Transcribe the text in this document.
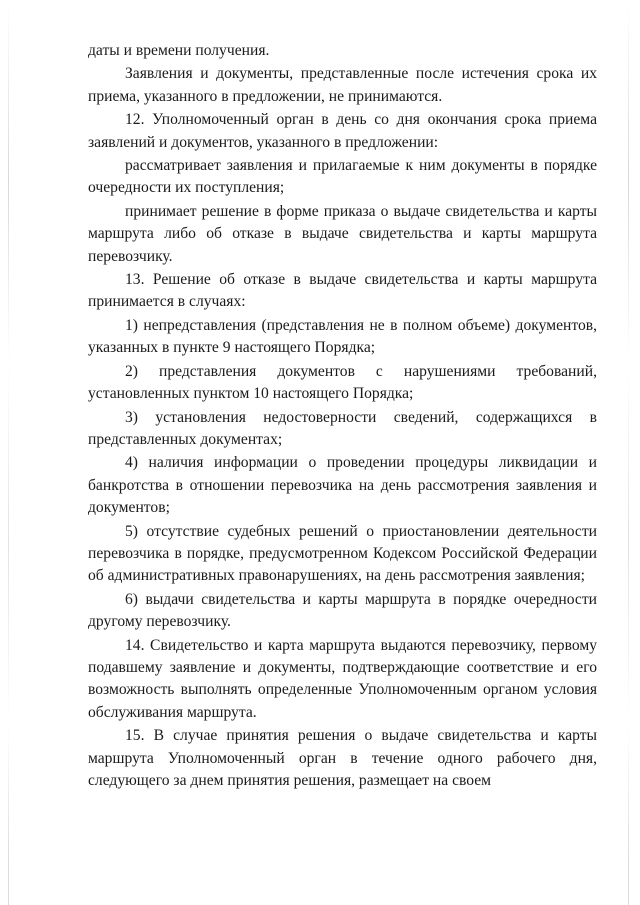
даты и времени получения.

Заявления и документы, представленные после истечения срока их приема, указанного в предложении, не принимаются.

12. Уполномоченный орган в день со дня окончания срока приема заявлений и документов, указанного в предложении:

рассматривает заявления и прилагаемые к ним документы в порядке очередности их поступления;

принимает решение в форме приказа о выдаче свидетельства и карты маршрута либо об отказе в выдаче свидетельства и карты маршрута перевозчику.

13. Решение об отказе в выдаче свидетельства и карты маршрута принимается в случаях:

1) непредставления (представления не в полном объеме) документов, указанных в пункте 9 настоящего Порядка;

2) представления документов с нарушениями требований, установленных пунктом 10 настоящего Порядка;

3) установления недостоверности сведений, содержащихся в представленных документах;

4) наличия информации о проведении процедуры ликвидации и банкротства в отношении перевозчика на день рассмотрения заявления и документов;

5) отсутствие судебных решений о приостановлении деятельности перевозчика в порядке, предусмотренном Кодексом Российской Федерации об административных правонарушениях, на день рассмотрения заявления;

6) выдачи свидетельства и карты маршрута в порядке очередности другому перевозчику.

14. Свидетельство и карта маршрута выдаются перевозчику, первому подавшему заявление и документы, подтверждающие соответствие и его возможность выполнять определенные Уполномоченным органом условия обслуживания маршрута.

15. В случае принятия решения о выдаче свидетельства и карты маршрута Уполномоченный орган в течение одного рабочего дня, следующего за днем принятия решения, размещает на своем
